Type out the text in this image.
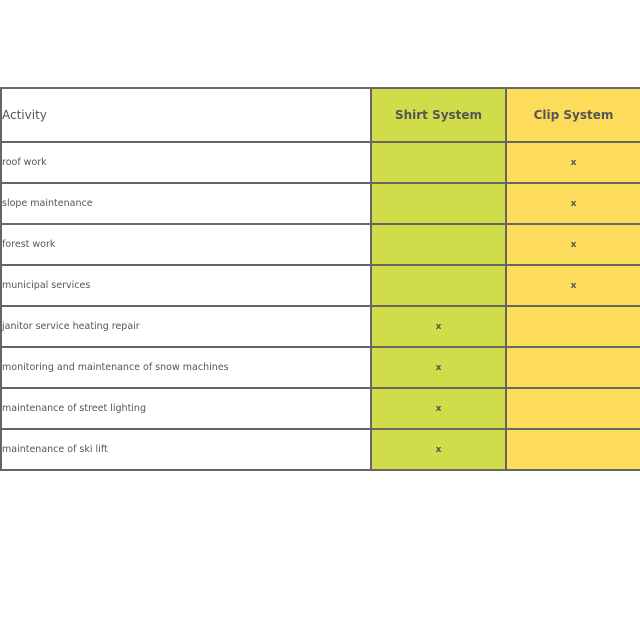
Activity	Shirt System	Clip System
roof work		x
slope maintenance		x
forest work		x
municipal services		x
janitor service heating repair	x	
monitoring and maintenance of snow machines	x	
maintenance of street lighting	x	
maintenance of ski lift	x	
